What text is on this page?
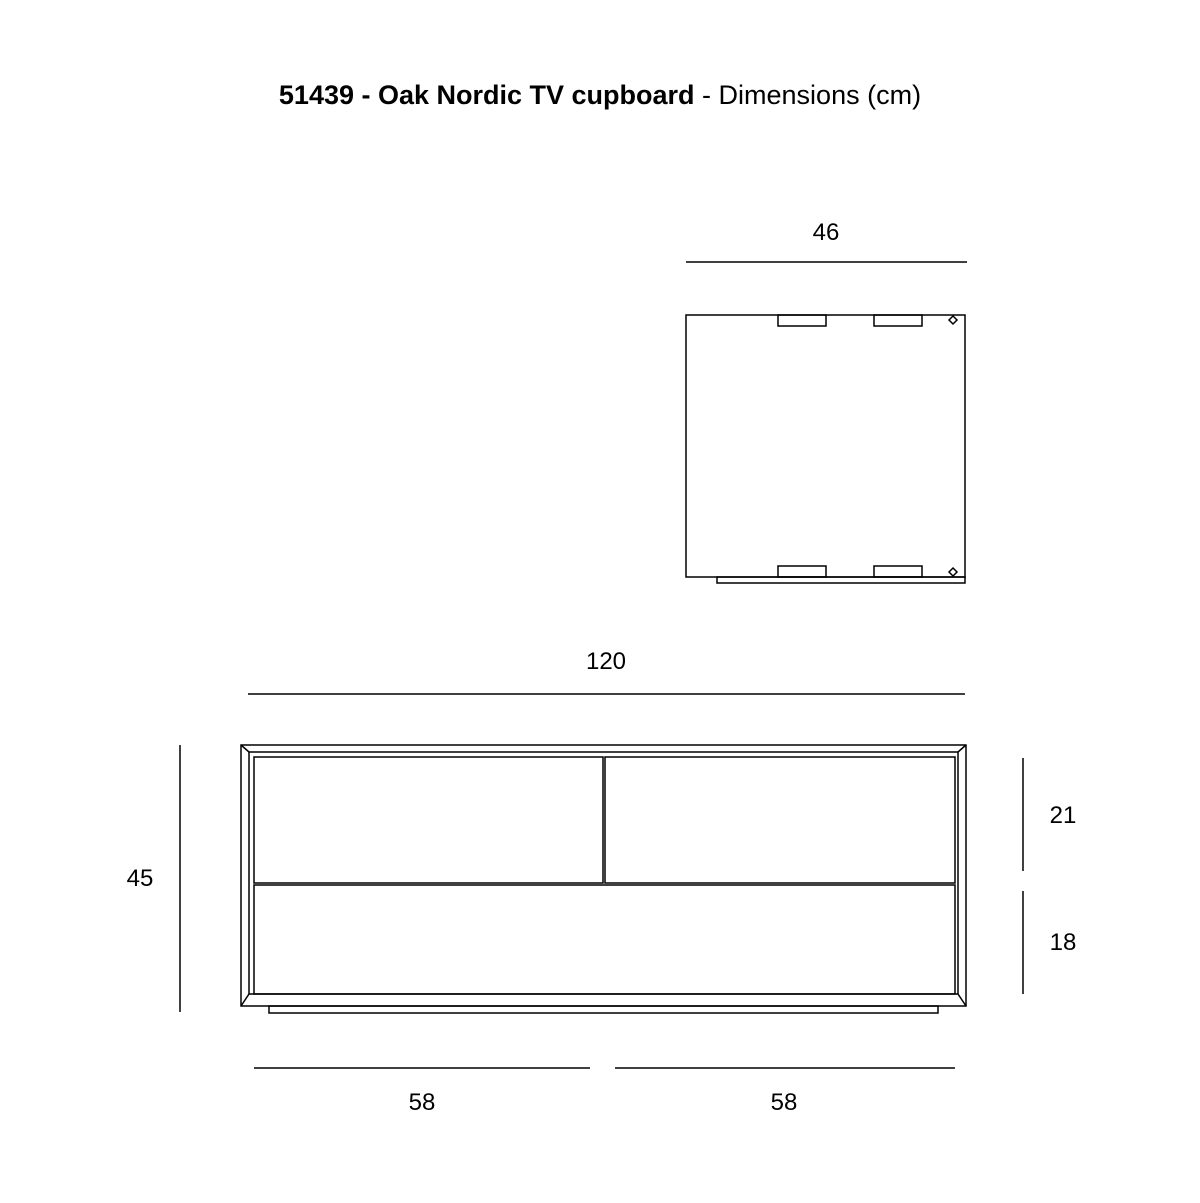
51439 - Oak Nordic TV cupboard - Dimensions (cm)
46
120
45
21
18
58	58
